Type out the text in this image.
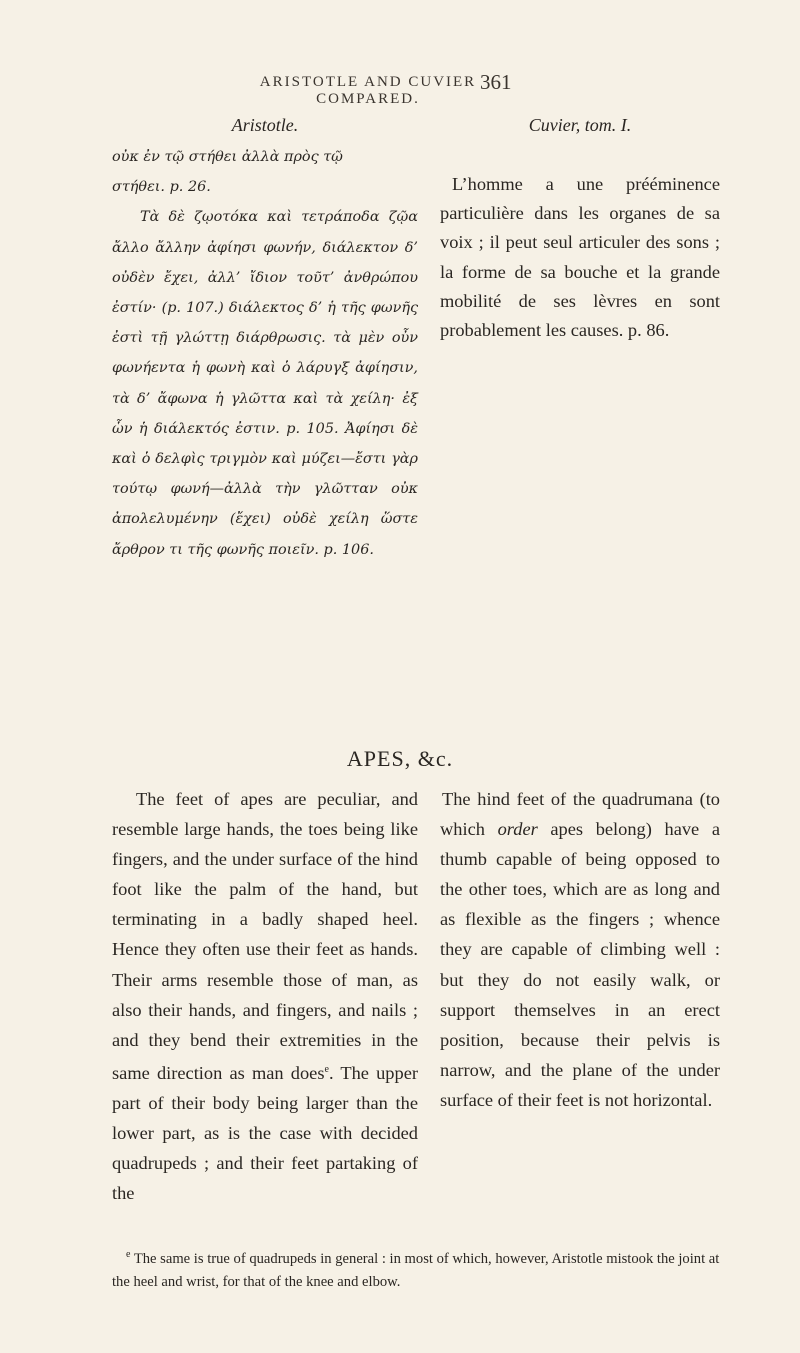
ARISTOTLE AND CUVIER COMPARED.
361
Aristotle.
οὐκ ἐν τῷ στήθει ἀλλὰ πρὸς τῷ
στήθει. p. 26.
Τὰ δὲ ζῳοτόκα καὶ τετράποδα ζῷα ἄλλο ἄλλην ἀφίησι φωνήν, διάλεκτον δ’ οὐδὲν ἔχει, ἀλλ’ ἴδιον τοῦτ’ ἀνθρώπου ἐστίν· (p. 107.) διάλεκτος δ’ ἡ τῆς φωνῆς ἐστὶ τῇ γλώττῃ διάρθρωσις. τὰ μὲν οὖν φωνήεντα ἡ φωνὴ καὶ ὁ λάρυγξ ἀφίησιν, τὰ δ’ ἄφωνα ἡ γλῶττα καὶ τὰ χείλη· ἐξ ὧν ἡ διάλεκτός ἐστιν. p. 105. Ἀφίησι δὲ καὶ ὁ δελφὶς τριγμὸν καὶ μύζει—ἔστι γὰρ τούτῳ φωνή—ἀλλὰ τὴν γλῶτταν οὐκ ἀπολελυμένην (ἔχει) οὐδὲ χείλη ὥστε ἄρθρον τι τῆς φωνῆς ποιεῖν. p. 106.
Cuvier, tom. I.

L’homme a une prééminence particulière dans les organes de sa voix ; il peut seul articuler des sons ; la forme de sa bouche et la grande mobilité de ses lèvres en sont probablement les causes. p. 86.

APES, &c.

The feet of apes are peculiar, and resemble large hands, the toes being like fingers, and the under surface of the hind foot like the palm of the hand, but terminating in a badly shaped heel. Hence they often use their feet as hands. Their arms resemble those of man, as also their hands, and fingers, and nails ; and they bend their extremities in the same direction as man does$^e$. The upper part of their body being larger than the lower part, as is the case with decided quadrupeds ; and their feet partaking of the

The hind feet of the quadrumana (to which order apes belong) have a thumb capable of being opposed to the other toes, which are as long and as flexible as the fingers ; whence they are capable of climbing well : but they do not easily walk, or support themselves in an erect position, because their pelvis is narrow, and the plane of the under surface of their feet is not horizontal.

$^e$ The same is true of quadrupeds in general : in most of which, however, Aristotle mistook the joint at the heel and wrist, for that of the knee and elbow.
